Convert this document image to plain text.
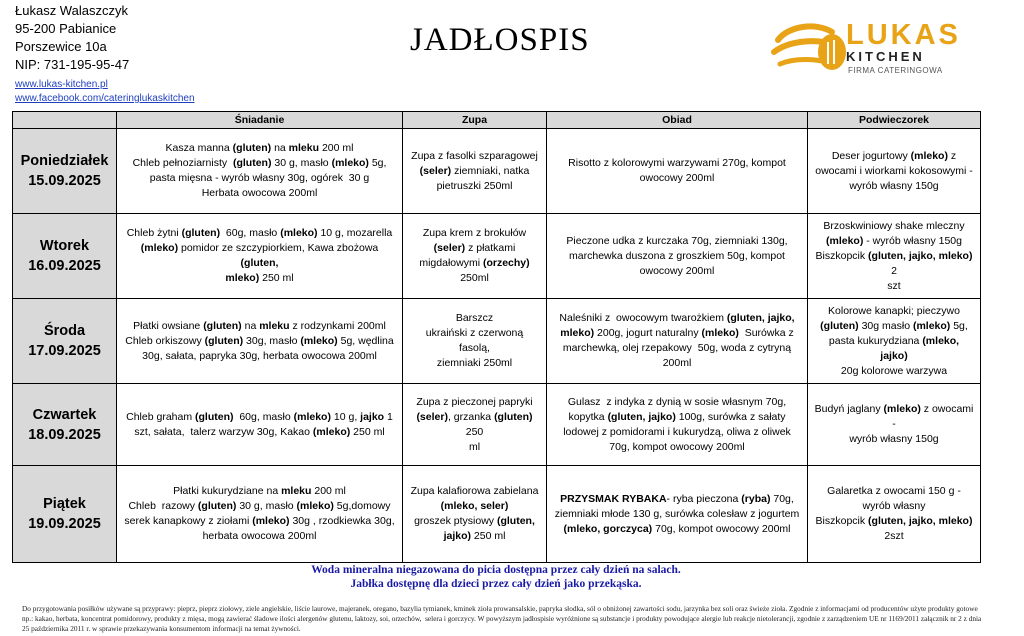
Łukasz Walaszczyk
95-200 Pabianice
Porszewice 10a
NIP: 731-195-95-47
www.lukas-kitchen.pl
www.facebook.com/cateringlukaskitchen
JADŁOSPIS	LUKAS
KITCHEN
FIRMA CATERINGOWA
	Śniadanie	Zupa	Obiad	Podwieczorek

Poniedziałek
15.09.2025	Kasza manna (gluten) na mleku 200 ml
Chleb pełnoziarnisty  (gluten) 30 g, masło (mleko) 5g,
pasta mięsna - wyrób własny 30g, ogórek  30 g
Herbata owocowa 200ml	Zupa z fasolki szparagowej
(seler) ziemniaki, natka
pietruszki 250ml	Risotto z kolorowymi warzywami 270g, kompot
owocowy 200ml	Deser jogurtowy (mleko) z
owocami i wiorkami kokosowymi -
wyrób własny 150g

Wtorek
16.09.2025	Chleb żytni (gluten)  60g, masło (mleko) 10 g, mozarella
(mleko) pomidor ze szczypiorkiem, Kawa zbożowa (gluten,
mleko) 250 ml	Zupa krem z brokułów
(seler) z płatkami
migdałowymi (orzechy)
250ml	Pieczone udka z kurczaka 70g, ziemniaki 130g,
marchewka duszona z groszkiem 50g, kompot
owocowy 200ml	Brzoskwiniowy shake mleczny
(mleko) - wyrób własny 150g
Biszkopcik (gluten, jajko, mleko) 2
szt

Środa
17.09.2025	Płatki owsiane (gluten) na mleku z rodzynkami 200ml
Chleb orkiszowy (gluten) 30g, masło (mleko) 5g, wędlina
30g, sałata, papryka 30g, herbata owocowa 200ml	Barszcz
ukraiński z czerwoną fasolą,
ziemniaki 250ml	Naleśniki z  owocowym twarożkiem (gluten, jajko,
mleko) 200g, jogurt naturalny (mleko)  Surówka z
marchewką, olej rzepakowy  50g, woda z cytryną
200ml	Kolorowe kanapki; pieczywo
(gluten) 30g masło (mleko) 5g,
pasta kukurydziana (mleko, jajko)
20g kolorowe warzywa

Czwartek
18.09.2025	Chleb graham (gluten)  60g, masło (mleko) 10 g, jajko 1
szt, sałata,  talerz warzyw 30g, Kakao (mleko) 250 ml	Zupa z pieczonej papryki
(seler), grzanka (gluten) 250
ml	Gulasz  z indyka z dynią w sosie własnym 70g,
kopytka (gluten, jajko) 100g, surówka z sałaty
lodowej z pomidorami i kukurydzą, oliwa z oliwek
70g, kompot owocowy 200ml	Budyń jaglany (mleko) z owocami -
wyrób własny 150g

Piątek
19.09.2025	Płatki kukurydziane na mleku 200 ml
Chleb  razowy (gluten) 30 g, masło (mleko) 5g,domowy
serek kanapkowy z ziołami (mleko) 30g , rzodkiewka 30g,
herbata owocowa 200ml	Zupa kalafiorowa zabielana
(mleko, seler)
groszek ptysiowy (gluten,
jajko) 250 ml	PRZYSMAK RYBAKA- ryba pieczona (ryba) 70g,
ziemniaki młode 130 g, surówka colesław z jogurtem
(mleko, gorczyca) 70g, kompot owocowy 200ml	Galaretka z owocami 150 g -
wyrób własny
Biszkopcik (gluten, jajko, mleko)
2szt
Woda mineralna niegazowana do picia dostępna przez cały dzień na salach.
Jabłka dostępnę dla dzieci przez cały dzień jako przekąska.
Do przygotowania posiłków używane są przyprawy: pieprz, pieprz ziołowy, ziele angielskie, liście laurowe, majeranek, oregano, bazylia tymianek, kminek zioła prowansalskie, papryka słodka, sól o obniżonej zawartości sodu, jarzynka bez soli oraz świeże zioła. Zgodnie z informacjami od producentów użyte produkty gotowe np.: kakao, herbata, koncentrat pomidorowy, produkty z mięsa, mogą zawierać śladowe ilości alergenów glutenu, laktozy, soi, orzechów,  selera i gorczycy. W powyższym jadłospisie wyróżnione są substancje i produkty powodujące alergie lub reakcje nietolerancji, zgodnie z zarządzeniem UE nr 1169/2011 załącznik nr 2 z dnia 25 października 2011 r. w sprawie przekazywania konsumentom informacji na temat żywności.
